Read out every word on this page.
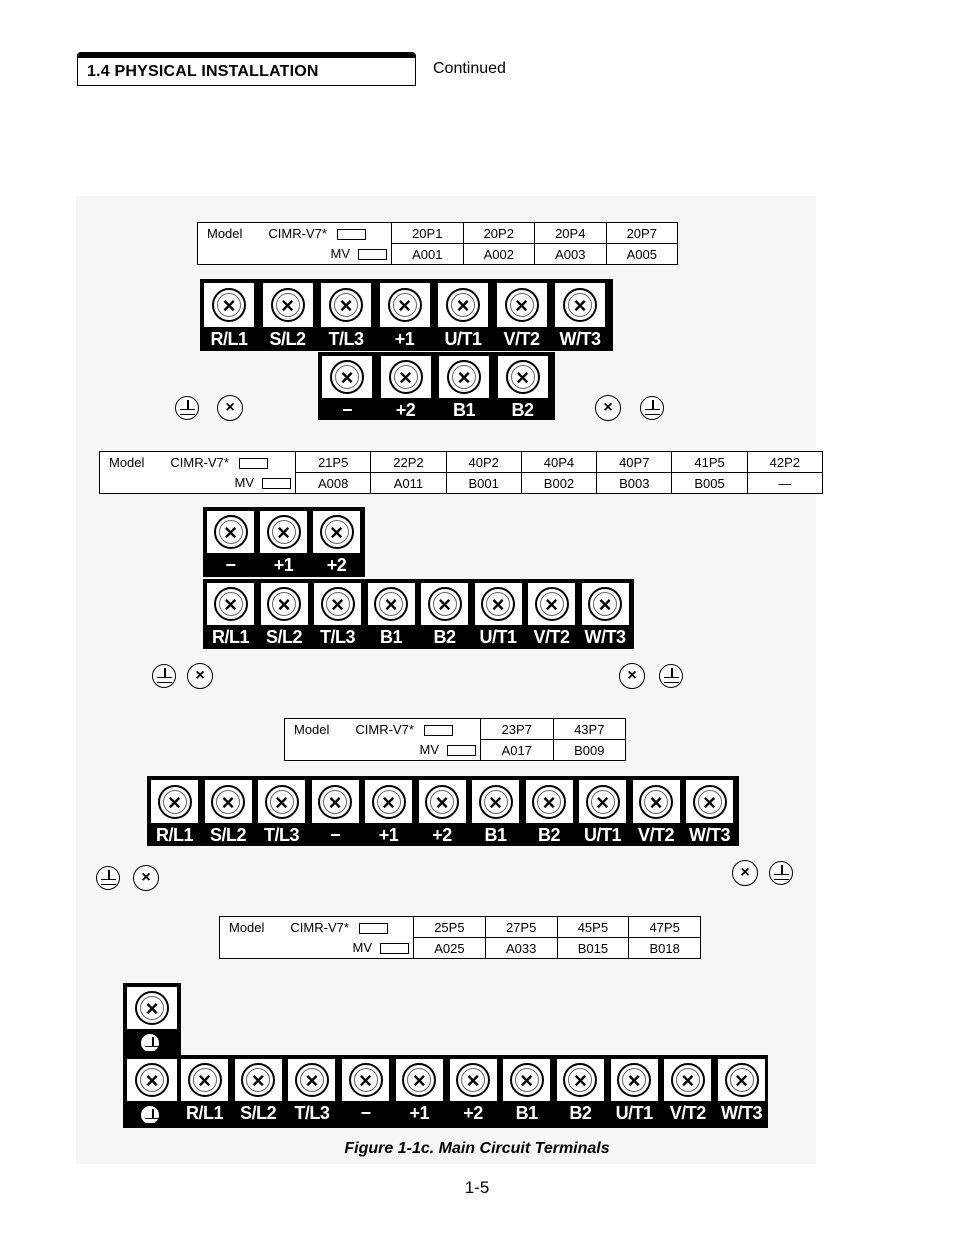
1.4 PHYSICAL INSTALLATION	Continued
Model CIMR-V7*	20P1	20P2	20P4	20P7
MV	A001	A002	A003	A005
Model CIMR-V7*	21P5	22P2	40P2	40P4	40P7	41P5	42P2
MV	A008	A011	B001	B002	B003	B005	—
Model CIMR-V7*	23P7	43P7
MV	A017	B009
Model CIMR-V7*	25P5	27P5	45P5	47P5
MV	A025	A033	B015	B018
×
R/L1
×
S/L2
×
T/L3
×
+1
×
U/T1
×
V/T2
×
W/T3
×
−
×
+2
×
B1
×
B2
×	×
×
−
×
+1
×
+2
×
R/L1
×
S/L2
×
T/L3
×
B1
×
B2
×
U/T1
×
V/T2
×
W/T3
×	×
×
R/L1
×
S/L2
×
T/L3
×
−
×
+1
×
+2
×
B1
×
B2
×
U/T1
×
V/T2
×
W/T3
×	×
×
×	×
R/L1
×
S/L2
×
T/L3
×
−
×
+1
×
+2
×
B1
×
B2
×
U/T1
×
V/T2
×
W/T3
Figure 1-1c. Main Circuit Terminals
1-5
